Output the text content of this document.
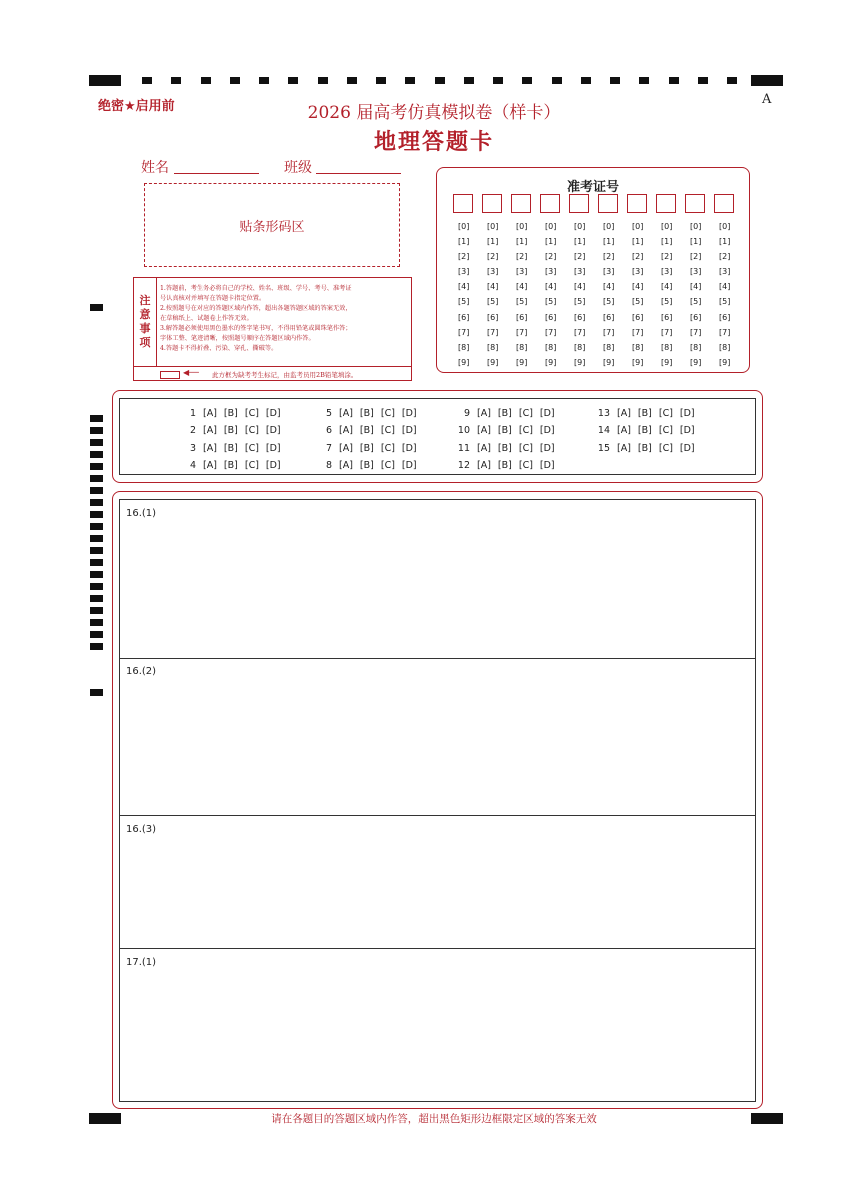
绝密★启用前	A
2026 届高考仿真模拟卷（样卡）
地理答题卡
姓名	班级
贴条形码区
注
意
事
项
1.答题前，考生务必将自己的学校、姓名、班级、学号、考号、准考证
号认真核对并填写在答题卡指定位置。
2.按照题号在对应的答题区域内作答，超出各题答题区域的答案无效，
在草稿纸上、试题卷上作答无效。
3.解答题必须使用黑色墨水的签字笔书写，不得用铅笔或圆珠笔作答；
字体工整、笔迹清晰，按照题号顺序在答题区域内作答。
4.答题卡不得折叠、污染、穿孔、撕破等。
◀── 此方框为缺考考生标记，由监考员用2B铅笔填涂。
准考证号
[0]	[0]	[0]	[0]	[0]	[0]	[0]	[0]	[0]	[0]
[1]	[1]	[1]	[1]	[1]	[1]	[1]	[1]	[1]	[1]
[2]	[2]	[2]	[2]	[2]	[2]	[2]	[2]	[2]	[2]
[3]	[3]	[3]	[3]	[3]	[3]	[3]	[3]	[3]	[3]
[4]	[4]	[4]	[4]	[4]	[4]	[4]	[4]	[4]	[4]
[5]	[5]	[5]	[5]	[5]	[5]	[5]	[5]	[5]	[5]
[6]	[6]	[6]	[6]	[6]	[6]	[6]	[6]	[6]	[6]
[7]	[7]	[7]	[7]	[7]	[7]	[7]	[7]	[7]	[7]
[8]	[8]	[8]	[8]	[8]	[8]	[8]	[8]	[8]	[8]
[9]	[9]	[9]	[9]	[9]	[9]	[9]	[9]	[9]	[9]
1 [A] [B] [C] [D]
2 [A] [B] [C] [D]
3 [A] [B] [C] [D]
4 [A] [B] [C] [D]
5 [A] [B] [C] [D]
6 [A] [B] [C] [D]
7 [A] [B] [C] [D]
8 [A] [B] [C] [D]
9 [A] [B] [C] [D]
10 [A] [B] [C] [D]
11 [A] [B] [C] [D]
12 [A] [B] [C] [D]
13 [A] [B] [C] [D]
14 [A] [B] [C] [D]
15 [A] [B] [C] [D]
16.(1)
16.(2)
16.(3)
17.(1)
请在各题目的答题区域内作答，超出黑色矩形边框限定区域的答案无效
